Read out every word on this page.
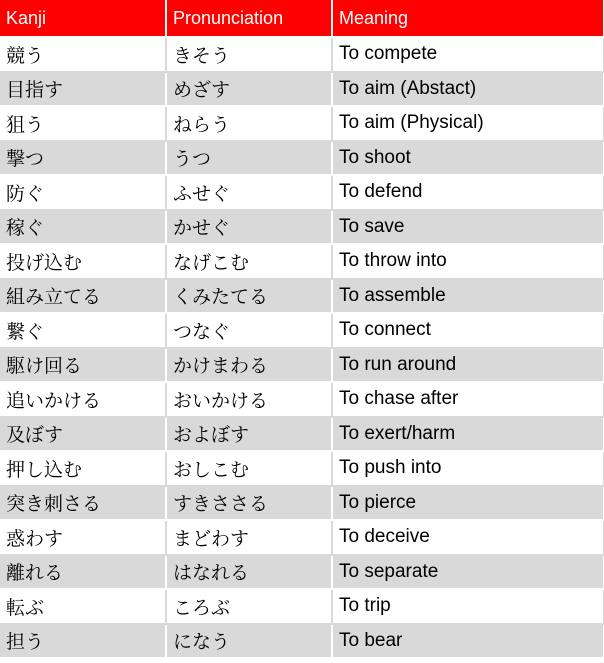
Kanji	Pronunciation	Meaning
競う	きそう	To compete
目指す	めざす	To aim (Abstact)
狙う	ねらう	To aim (Physical)
撃つ	うつ	To shoot
防ぐ	ふせぐ	To defend
稼ぐ	かせぐ	To save
投げ込む	なげこむ	To throw into
組み立てる	くみたてる	To assemble
繋ぐ	つなぐ	To connect
駆け回る	かけまわる	To run around
追いかける	おいかける	To chase after
及ぼす	およぼす	To exert/harm
押し込む	おしこむ	To push into
突き刺さる	すきささる	To pierce
惑わす	まどわす	To deceive
離れる	はなれる	To separate
転ぶ	ころぶ	To trip
担う	になう	To bear
